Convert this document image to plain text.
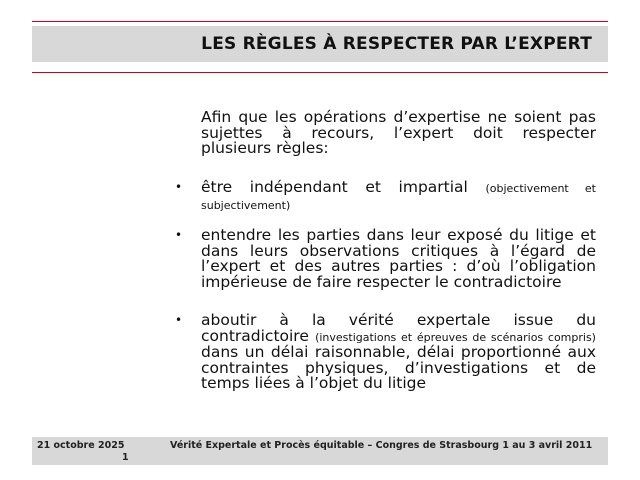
LES RÈGLES À RESPECTER PAR L’EXPERT
Afin que les opérations d’expertise ne soient pas sujettes à recours, l’expert doit respecter plusieurs règles:
• être indépendant et impartial (objectivement et subjectivement)
• entendre les parties dans leur exposé du litige et dans leurs observations critiques à l’égard de l’expert et des autres parties : d’où l’obligation impérieuse de faire respecter le contradictoire
• aboutir à la vérité expertale issue du contradictoire (investigations et épreuves de scénarios compris) dans un délai raisonnable, délai proportionné aux contraintes physiques, d’investigations et de temps liées à l’objet du litige
21 octobre 2025
1
Vérité Expertale et Procès équitable – Congres de Strasbourg 1 au 3 avril 2011
